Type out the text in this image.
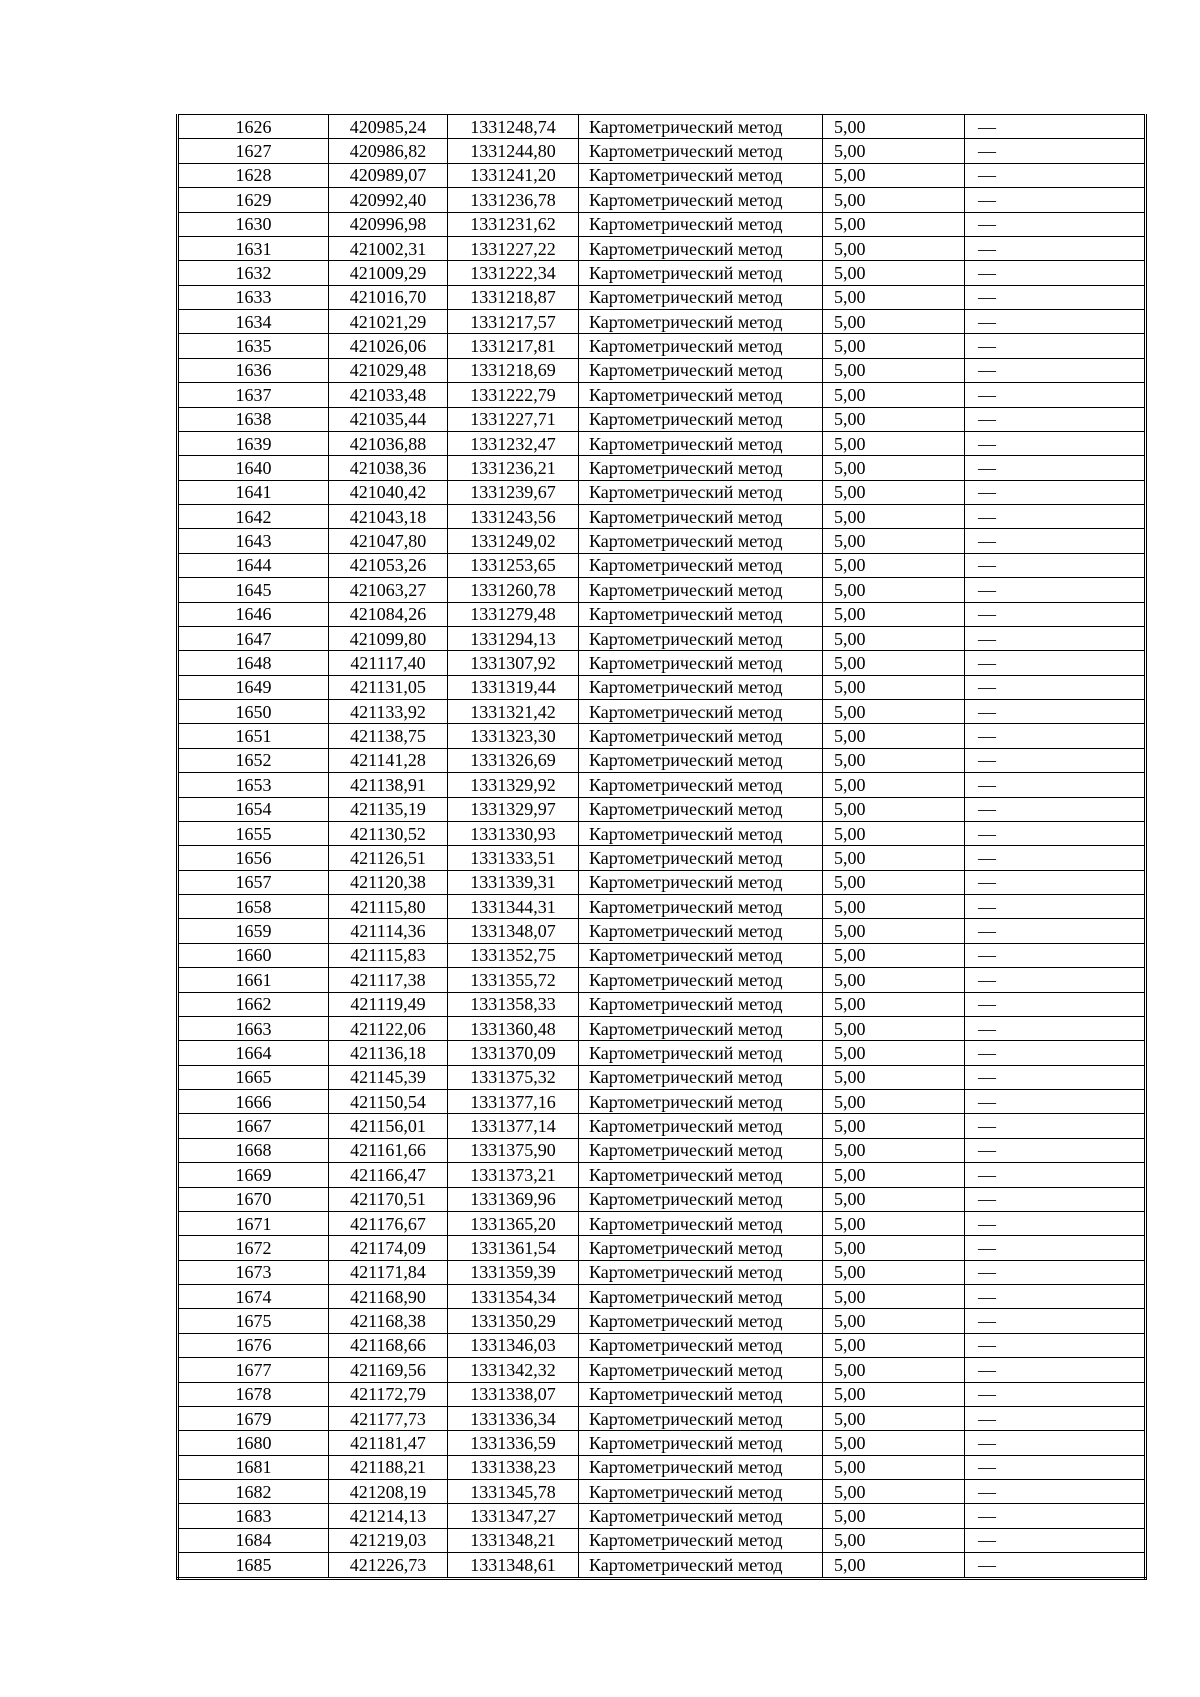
1626	420985,24	1331248,74	Картометрический метод	5,00	—
1627	420986,82	1331244,80	Картометрический метод	5,00	—
1628	420989,07	1331241,20	Картометрический метод	5,00	—
1629	420992,40	1331236,78	Картометрический метод	5,00	—
1630	420996,98	1331231,62	Картометрический метод	5,00	—
1631	421002,31	1331227,22	Картометрический метод	5,00	—
1632	421009,29	1331222,34	Картометрический метод	5,00	—
1633	421016,70	1331218,87	Картометрический метод	5,00	—
1634	421021,29	1331217,57	Картометрический метод	5,00	—
1635	421026,06	1331217,81	Картометрический метод	5,00	—
1636	421029,48	1331218,69	Картометрический метод	5,00	—
1637	421033,48	1331222,79	Картометрический метод	5,00	—
1638	421035,44	1331227,71	Картометрический метод	5,00	—
1639	421036,88	1331232,47	Картометрический метод	5,00	—
1640	421038,36	1331236,21	Картометрический метод	5,00	—
1641	421040,42	1331239,67	Картометрический метод	5,00	—
1642	421043,18	1331243,56	Картометрический метод	5,00	—
1643	421047,80	1331249,02	Картометрический метод	5,00	—
1644	421053,26	1331253,65	Картометрический метод	5,00	—
1645	421063,27	1331260,78	Картометрический метод	5,00	—
1646	421084,26	1331279,48	Картометрический метод	5,00	—
1647	421099,80	1331294,13	Картометрический метод	5,00	—
1648	421117,40	1331307,92	Картометрический метод	5,00	—
1649	421131,05	1331319,44	Картометрический метод	5,00	—
1650	421133,92	1331321,42	Картометрический метод	5,00	—
1651	421138,75	1331323,30	Картометрический метод	5,00	—
1652	421141,28	1331326,69	Картометрический метод	5,00	—
1653	421138,91	1331329,92	Картометрический метод	5,00	—
1654	421135,19	1331329,97	Картометрический метод	5,00	—
1655	421130,52	1331330,93	Картометрический метод	5,00	—
1656	421126,51	1331333,51	Картометрический метод	5,00	—
1657	421120,38	1331339,31	Картометрический метод	5,00	—
1658	421115,80	1331344,31	Картометрический метод	5,00	—
1659	421114,36	1331348,07	Картометрический метод	5,00	—
1660	421115,83	1331352,75	Картометрический метод	5,00	—
1661	421117,38	1331355,72	Картометрический метод	5,00	—
1662	421119,49	1331358,33	Картометрический метод	5,00	—
1663	421122,06	1331360,48	Картометрический метод	5,00	—
1664	421136,18	1331370,09	Картометрический метод	5,00	—
1665	421145,39	1331375,32	Картометрический метод	5,00	—
1666	421150,54	1331377,16	Картометрический метод	5,00	—
1667	421156,01	1331377,14	Картометрический метод	5,00	—
1668	421161,66	1331375,90	Картометрический метод	5,00	—
1669	421166,47	1331373,21	Картометрический метод	5,00	—
1670	421170,51	1331369,96	Картометрический метод	5,00	—
1671	421176,67	1331365,20	Картометрический метод	5,00	—
1672	421174,09	1331361,54	Картометрический метод	5,00	—
1673	421171,84	1331359,39	Картометрический метод	5,00	—
1674	421168,90	1331354,34	Картометрический метод	5,00	—
1675	421168,38	1331350,29	Картометрический метод	5,00	—
1676	421168,66	1331346,03	Картометрический метод	5,00	—
1677	421169,56	1331342,32	Картометрический метод	5,00	—
1678	421172,79	1331338,07	Картометрический метод	5,00	—
1679	421177,73	1331336,34	Картометрический метод	5,00	—
1680	421181,47	1331336,59	Картометрический метод	5,00	—
1681	421188,21	1331338,23	Картометрический метод	5,00	—
1682	421208,19	1331345,78	Картометрический метод	5,00	—
1683	421214,13	1331347,27	Картометрический метод	5,00	—
1684	421219,03	1331348,21	Картометрический метод	5,00	—
1685	421226,73	1331348,61	Картометрический метод	5,00	—
